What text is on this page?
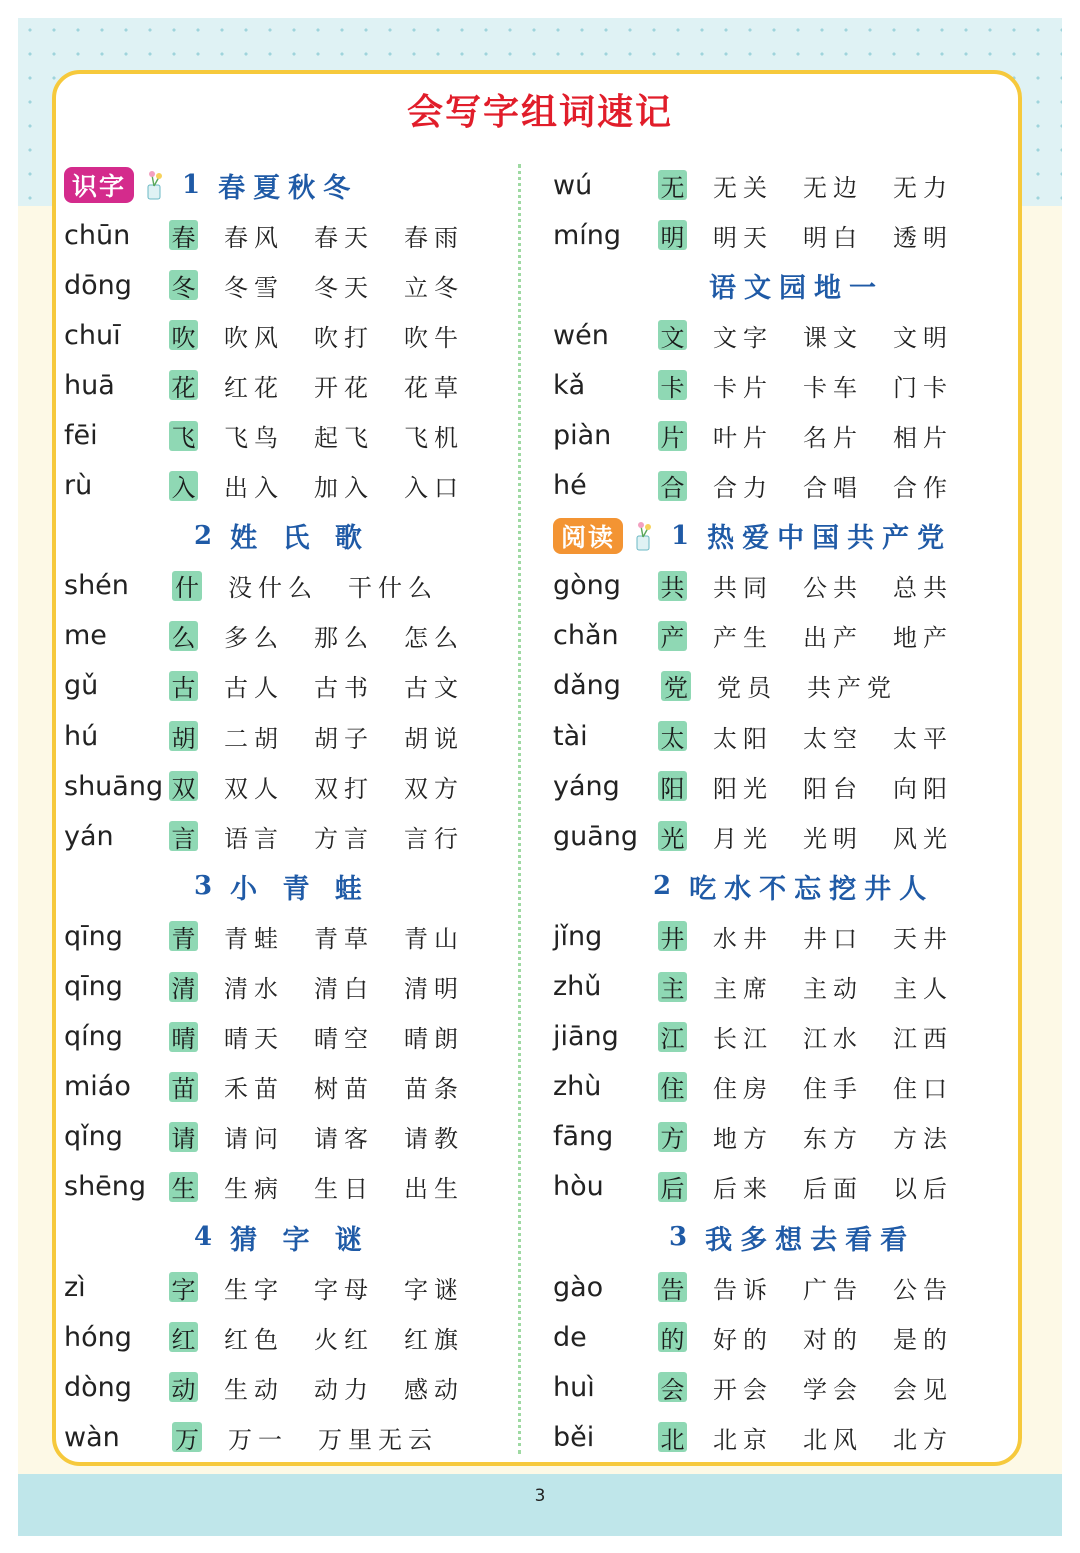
会写字组词速记
识字	1 春夏秋冬
chūn	春 春风 春天 春雨
dōng	冬 冬雪 冬天 立冬
chuī	吹 吹风 吹打 吹牛
huā	花 红花 开花 花草
fēi	飞 飞鸟 起飞 飞机
rù	入 出入 加入 入口
2 姓 氏 歌
shén	什 没什么 干什么
me	么 多么 那么 怎么
gǔ	古 古人 古书 古文
hú	胡 二胡 胡子 胡说
shuāng 双 双人 双打 双方
yán	言 语言 方言 言行
3 小 青 蛙
qīng	青 青蛙 青草 青山
qīng	清 清水 清白 清明
qíng	晴 晴天 晴空 晴朗
miáo	苗 禾苗 树苗 苗条
qǐng	请 请问 请客 请教
shēng	生 生病 生日 出生
4 猜 字 谜
zì	字 生字 字母 字谜
hóng	红 红色 火红 红旗
dòng	动 生动 动力 感动
wàn	万 万一 万里无云
wú	无 无关 无边 无力
míng	明 明天 明白 透明
语文园地一
wén	文 文字 课文 文明
kǎ	卡 卡片 卡车 门卡
piàn	片 叶片 名片 相片
hé	合 合力 合唱 合作
阅读	1 热爱中国共产党
gòng	共 共同 公共 总共
chǎn	产 产生 出产 地产
dǎng	党 党员 共产党
tài	太 太阳 太空 太平
yáng	阳 阳光 阳台 向阳
guāng 光 月光 光明 风光
2 吃水不忘挖井人
jǐng	井 水井 井口 天井
zhǔ	主 主席 主动 主人
jiāng	江 长江 江水 江西
zhù	住 住房 住手 住口
fāng	方 地方 东方 方法
hòu	后 后来 后面 以后
3 我多想去看看
gào	告 告诉 广告 公告
de	的 好的 对的 是的
huì	会 开会 学会 会见
běi	北 北京 北风 北方
3
